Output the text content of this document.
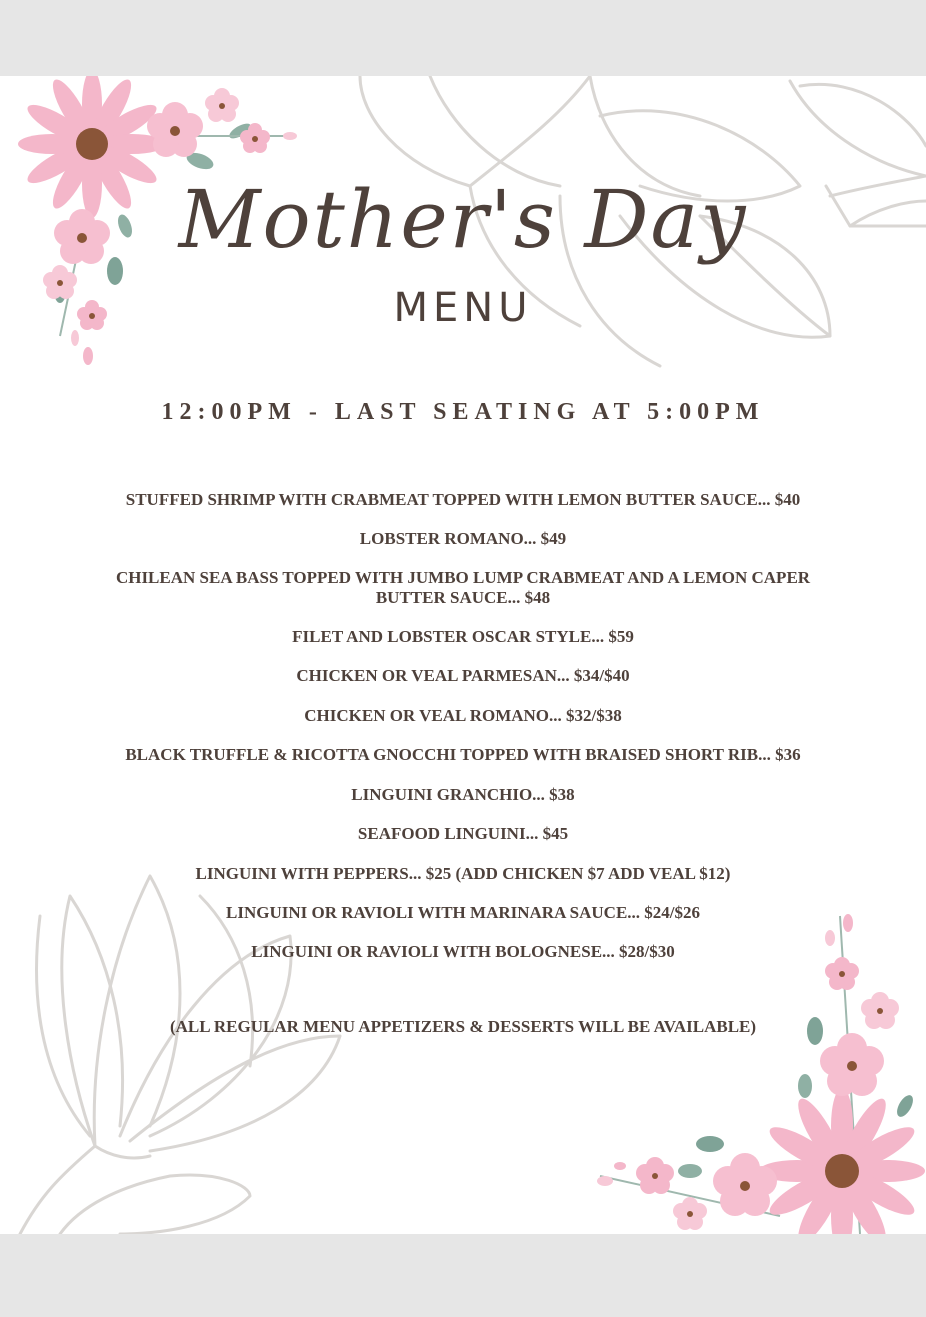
Mother's Day
MENU
12:00PM - LAST SEATING AT 5:00PM
STUFFED SHRIMP WITH CRABMEAT TOPPED WITH LEMON BUTTER SAUCE... $40
LOBSTER ROMANO... $49
CHILEAN SEA BASS TOPPED WITH JUMBO LUMP CRABMEAT AND A LEMON CAPER BUTTER SAUCE... $48
FILET AND LOBSTER OSCAR STYLE... $59
CHICKEN OR VEAL PARMESAN... $34/$40
CHICKEN OR VEAL ROMANO... $32/$38
BLACK TRUFFLE & RICOTTA GNOCCHI TOPPED WITH BRAISED SHORT RIB... $36
LINGUINI GRANCHIO... $38
SEAFOOD LINGUINI... $45
LINGUINI WITH PEPPERS... $25 (ADD CHICKEN $7 ADD VEAL $12)
LINGUINI OR RAVIOLI WITH MARINARA SAUCE... $24/$26
LINGUINI OR RAVIOLI WITH BOLOGNESE... $28/$30
(ALL REGULAR MENU APPETIZERS & DESSERTS WILL BE AVAILABLE)
